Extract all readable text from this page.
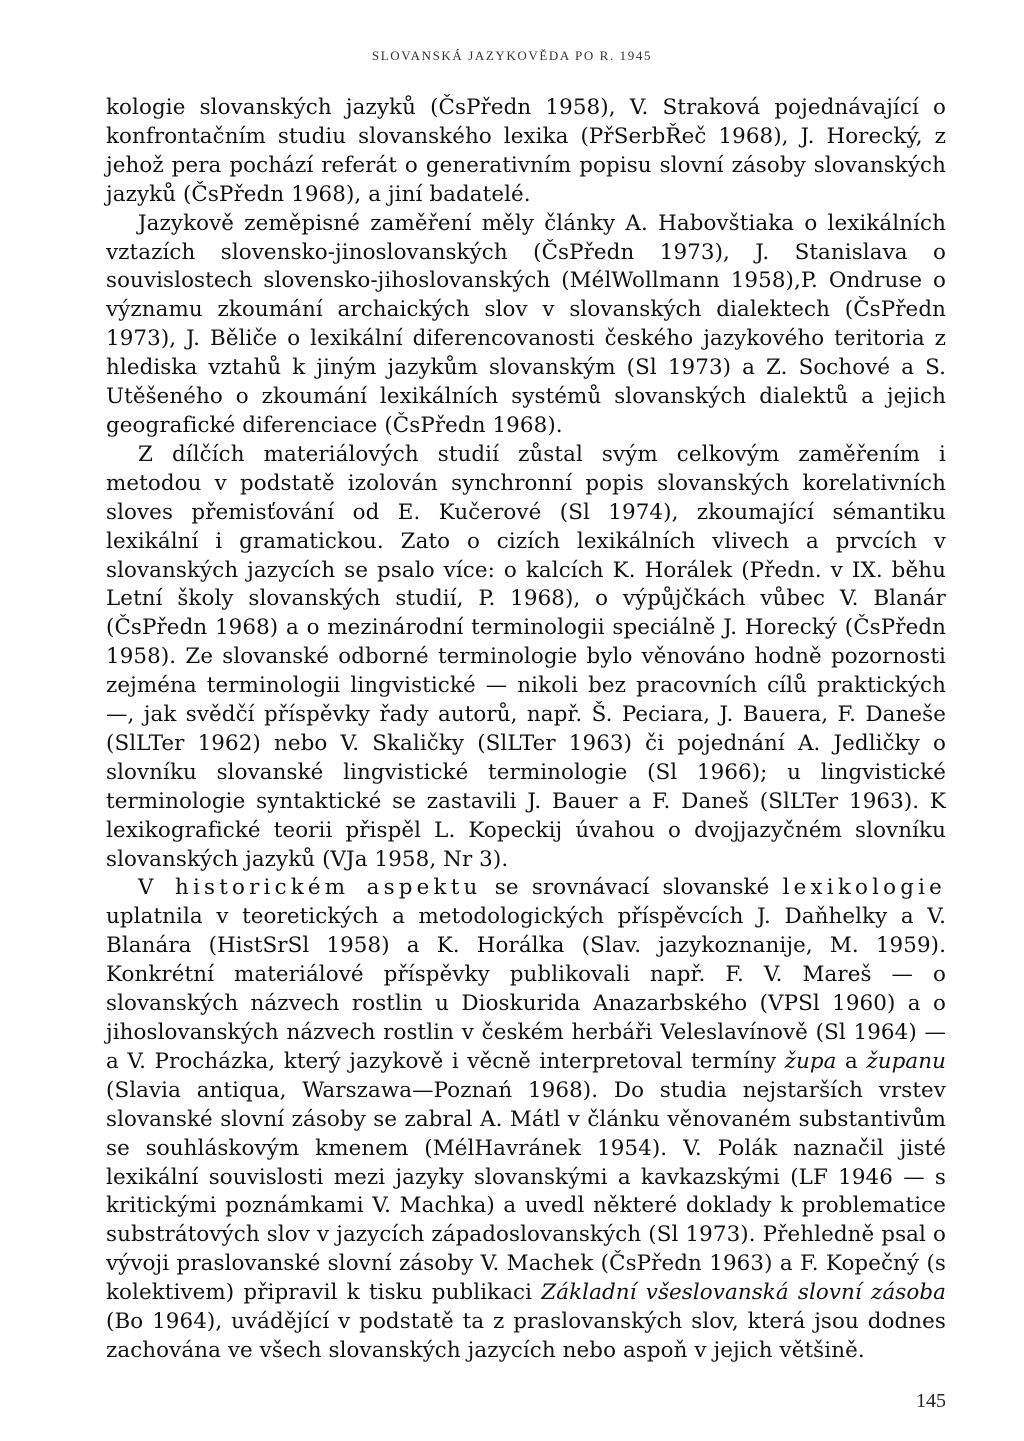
SLOVANSKÁ JAZYKOVĚDA PO R. 1945

kologie slovanských jazyků (ČsPředn 1958), V. Straková pojednávající o konfrontačním studiu slovanského lexika (PřSerbŘeč 1968), J. Horecký, z jehož pera pochází referát o generativním popisu slovní zásoby slovanských jazyků (ČsPředn 1968), a jiní badatelé.

Jazykově zeměpisné zaměření měly články A. Habovštiaka o lexikálních vztazích slovensko-jinoslovanských (ČsPředn 1973), J. Stanislava o souvislostech slovensko-jihoslovanských (MélWollmann 1958),P. Ondruse o významu zkoumání archaických slov v slovanských dialektech (ČsPředn 1973), J. Běliče o lexikální diferencovanosti českého jazykového teritoria z hlediska vztahů k jiným jazykům slovanským (Sl 1973) a Z. Sochové a S. Utěšeného o zkoumání lexikálních systémů slovanských dialektů a jejich geografické diferenciace (ČsPředn 1968).

Z dílčích materiálových studií zůstal svým celkovým zaměřením i metodou v podstatě izolován synchronní popis slovanských korelativních sloves přemisťování od E. Kučerové (Sl 1974), zkoumající sémantiku lexikální i gramatickou. Zato o cizích lexikálních vlivech a prvcích v slovanských jazycích se psalo více: o kalcích K. Horálek (Předn. v IX. běhu Letní školy slovanských studií, P. 1968), o výpůjčkách vůbec V. Blanár (ČsPředn 1968) a o mezinárodní terminologii speciálně J. Horecký (ČsPředn 1958). Ze slovanské odborné terminologie bylo věnováno hodně pozornosti zejména terminologii lingvistické — nikoli bez pracovních cílů praktických —, jak svědčí příspěvky řady autorů, např. Š. Peciara, J. Bauera, F. Daneše (SlLTer 1962) nebo V. Skaličky (SlLTer 1963) či pojednání A. Jedličky o slovníku slovanské lingvistické terminologie (Sl 1966); u lingvistické terminologie syntaktické se zastavili J. Bauer a F. Daneš (SlLTer 1963). K lexikografické teorii přispěl L. Kopeckij úvahou o dvojjazyčném slovníku slovanských jazyků (VJa 1958, Nr 3).

V historickém aspektu se srovnávací slovanské lexikologie uplatnila v teoretických a metodologických příspěvcích J. Daňhelky a V. Blanára (HistSrSl 1958) a K. Horálka (Slav. jazykoznanije, M. 1959). Konkrétní materiálové příspěvky publikovali např. F. V. Mareš — o slovanských názvech rostlin u Dioskurida Anazarbského (VPSl 1960) a o jihoslovanských názvech rostlin v českém herbáři Veleslavínově (Sl 1964) — a V. Procházka, který jazykově i věcně interpretoval termíny župa a županu (Slavia antiqua, Warszawa—Poznań 1968). Do studia nejstarších vrstev slovanské slovní zásoby se zabral A. Mátl v článku věnovaném substantivům se souhláskovým kmenem (MélHavránek 1954). V. Polák naznačil jisté lexikální souvislosti mezi jazyky slovanskými a kavkazskými (LF 1946 — s kritickými poznámkami V. Machka) a uvedl některé doklady k problematice substrátových slov v jazycích západoslovanských (Sl 1973). Přehledně psal o vývoji praslovanské slovní zásoby V. Machek (ČsPředn 1963) a F. Kopečný (s kolektivem) připravil k tisku publikaci Základní všeslovanská slovní zásoba (Bo 1964), uvádějící v podstatě ta z praslovanských slov, která jsou dodnes zachována ve všech slovanských jazycích nebo aspoň v jejich většině.

145
